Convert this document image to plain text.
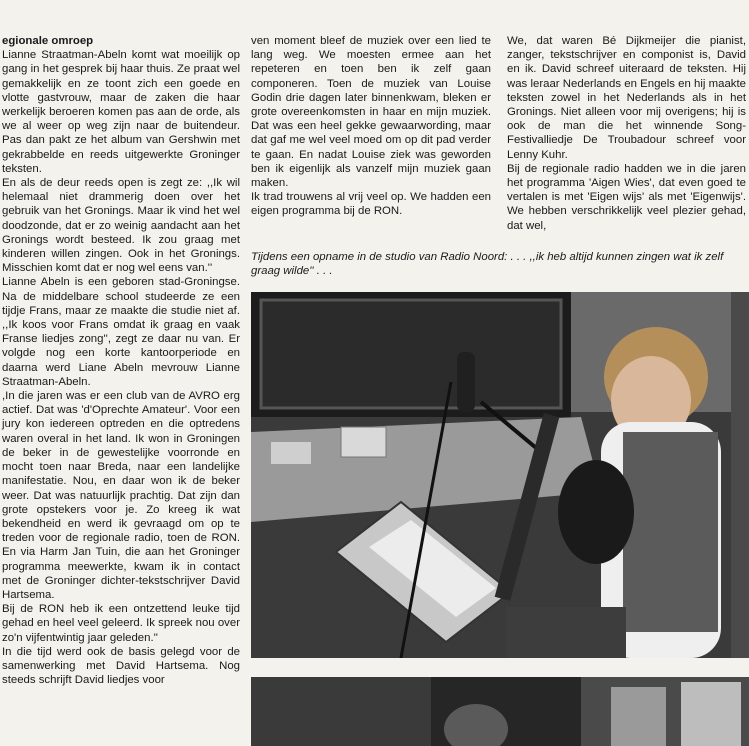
egionale omroep

Lianne Straatman-Abeln komt wat moeilijk op gang in het gesprek bij haar thuis. Ze praat wel gemakkelijk en ze toont zich een goede en vlotte gastvrouw, maar de zaken die haar werkelijk beroeren komen pas aan de orde, als we al weer op weg zijn naar de buitendeur. Pas dan pakt ze het album van Gershwin met gekrabbelde en reeds uitgewerkte Groninger teksten.

En als de deur reeds open is zegt ze: ,,Ik wil helemaal niet drammerig doen over het gebruik van het Gronings. Maar ik vind het wel doodzonde, dat er zo weinig aandacht aan het Gronings wordt besteed. Ik zou graag met kinderen willen zingen. Ook in het Gronings. Misschien komt dat er nog wel eens van.''

Lianne Abeln is een geboren stad-Groningse. Na de middelbare school studeerde ze een tijdje Frans, maar ze maakte die studie niet af. ,,Ik koos voor Frans omdat ik graag en vaak Franse liedjes zong'', zegt ze daar nu van. Er volgde nog een korte kantoorperiode en daarna werd Liane Abeln mevrouw Lianne Straatman-Abeln.

,In die jaren was er een club van de AVRO erg actief. Dat was 'd'Oprechte Amateur'. Voor een jury kon iedereen optreden en die optredens waren overal in het land. Ik won in Groningen de beker in de gewestelijke voorronde en mocht toen naar Breda, naar een landelijke manifestatie. Nou, en daar won ik de beker weer. Dat was natuurlijk prachtig. Dat zijn dan grote opstekers voor je. Zo kreeg ik wat bekendheid en werd ik gevraagd om op te treden voor de regionale radio, toen de RON. En via Harm Jan Tuin, die aan het Groninger programma meewerkte, kwam ik in contact met de Groninger dichter-tekstschrijver David Hartsema.

Bij de RON heb ik een ontzettend leuke tijd gehad en heel veel geleerd. Ik spreek nou over zo'n vijfentwintig jaar geleden.''

In die tijd werd ook de basis gelegd voor de samenwerking met David Hartsema. Nog steeds schrijft David liedjes voor

ven moment bleef de muziek over een lied te lang weg. We moesten ermee aan het repeteren en toen ben ik zelf gaan componeren. Toen de muziek van Louise Godin drie dagen later binnenkwam, bleken er grote overeenkomsten in haar en mijn muziek. Dat was een heel gekke gewaarwording, maar dat gaf me wel veel moed om op dit pad verder te gaan. En nadat Louise ziek was geworden ben ik eigenlijk als vanzelf mijn muziek gaan maken.

Ik trad trouwens al vrij veel op. We hadden een eigen programma bij de RON.

We, dat waren Bé Dijkmeijer die pianist, zanger, tekstschrijver en componist is, David en ik. David schreef uiteraard de teksten. Hij was leraar Nederlands en Engels en hij maakte teksten zowel in het Nederlands als in het Gronings. Niet alleen voor mij overigens; hij is ook de man die het winnende Song-Festivalliedje De Troubadour schreef voor Lenny Kuhr.

Bij de regionale radio hadden we in die jaren het programma 'Aigen Wies', dat even goed te vertalen is met 'Eigen wijs' als met 'Eigenwijs'. We hebben verschrikkelijk veel plezier gehad, dat wel,

Tijdens een opname in de studio van Radio Noord: . . . ,,ik heb altijd kunnen zingen wat ik zelf graag wilde'' . . .
